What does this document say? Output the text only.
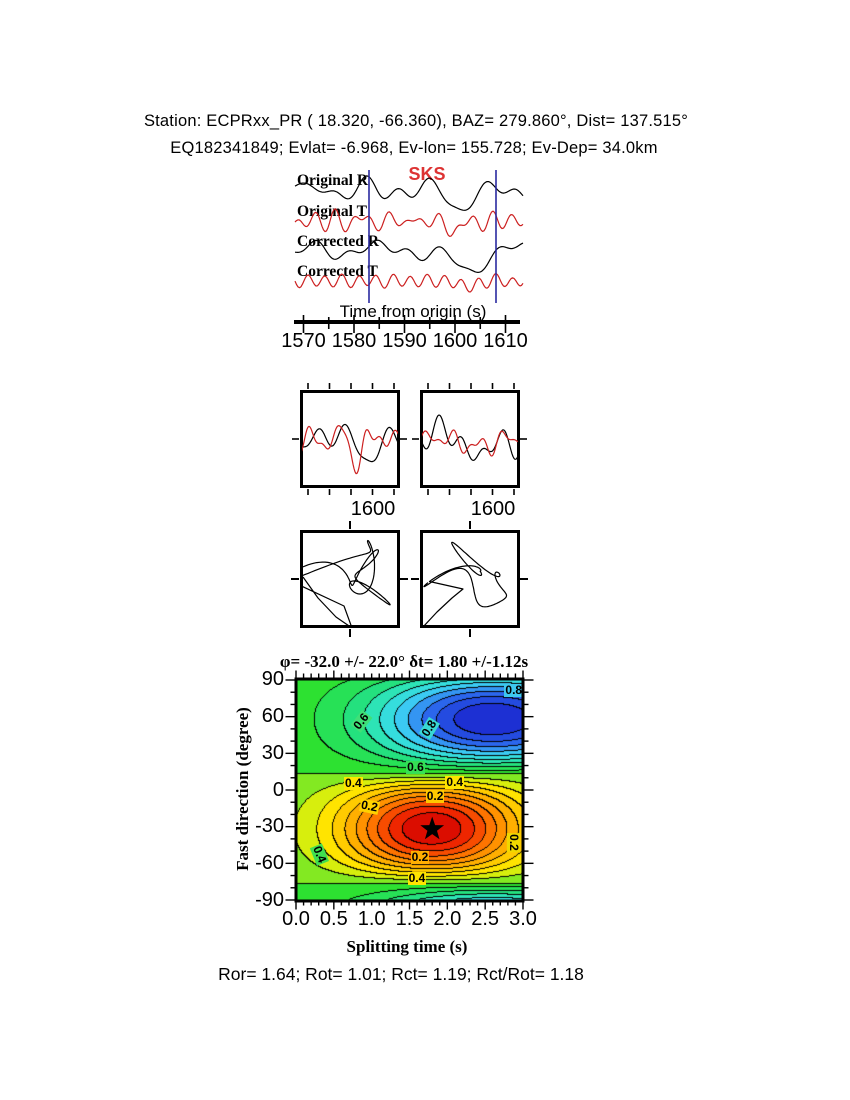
Station: ECPRxx_PR ( 18.320, -66.360), BAZ= 279.860°, Dist= 137.515°
EQ182341849; Evlat= -6.968, Ev-lon= 155.728; Ev-Dep= 34.0km
SKS
Original R
Original T
Corrected R
Corrected T
Time from origin (s)
1570 1580 1590 1600 1610
1600	1600
φ= -32.0 +/- 22.0° δt= 1.80 +/-1.12s
Fast direction (degree)
Splitting time (s)
0.6	0.8
0.8
0.6
0.4	0.4
0.2
0.2
0.2
0.4
0.4
0.2
90
60
30
0
-30
-60
-90
0.0 0.5 1.0 1.5 2.0 2.5 3.0
Ror= 1.64; Rot= 1.01; Rct= 1.19; Rct/Rot= 1.18
